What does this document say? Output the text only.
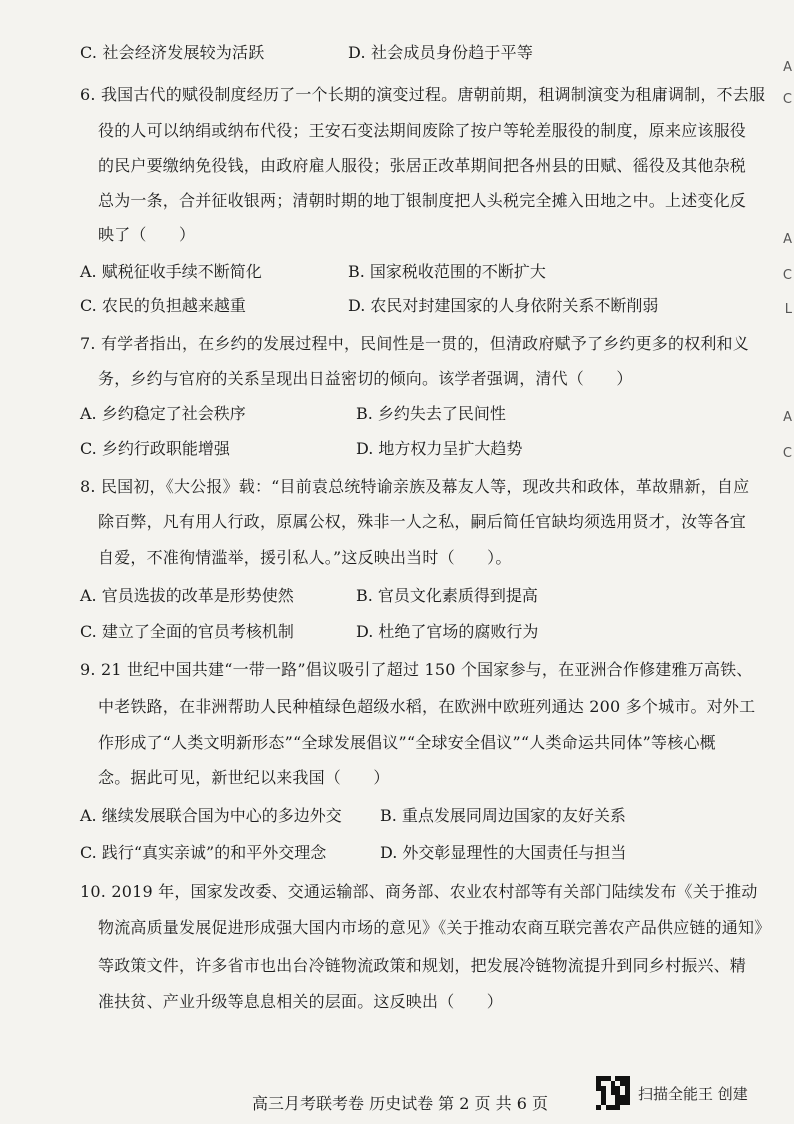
C. 社会经济发展较为活跃	D. 社会成员身份趋于平等
6. 我国古代的赋役制度经历了一个长期的演变过程。唐朝前期，租调制演变为租庸调制，不去服
役的人可以纳绢或纳布代役；王安石变法期间废除了按户等轮差服役的制度，原来应该服役
的民户要缴纳免役钱，由政府雇人服役；张居正改革期间把各州县的田赋、徭役及其他杂税
总为一条，合并征收银两；清朝时期的地丁银制度把人头税完全摊入田地之中。上述变化反
映了（　　）
A. 赋税征收手续不断简化	B. 国家税收范围的不断扩大
C. 农民的负担越来越重	D. 农民对封建国家的人身依附关系不断削弱
7. 有学者指出，在乡约的发展过程中，民间性是一贯的，但清政府赋予了乡约更多的权利和义
务，乡约与官府的关系呈现出日益密切的倾向。该学者强调，清代（　　）
A. 乡约稳定了社会秩序	B. 乡约失去了民间性
C. 乡约行政职能增强	D. 地方权力呈扩大趋势
8. 民国初，《大公报》载：“目前袁总统特谕亲族及幕友人等，现改共和政体，革故鼎新，自应
除百弊，凡有用人行政，原属公权，殊非一人之私，嗣后简任官缺均须选用贤才，汝等各宜
自爱，不准徇情滥举，援引私人。”这反映出当时（　　）。
A. 官员选拔的改革是形势使然	B. 官员文化素质得到提高
C. 建立了全面的官员考核机制	D. 杜绝了官场的腐败行为
9. 21 世纪中国共建“一带一路”倡议吸引了超过 150 个国家参与，在亚洲合作修建雅万高铁、
中老铁路，在非洲帮助人民种植绿色超级水稻，在欧洲中欧班列通达 200 多个城市。对外工
作形成了“人类文明新形态”“全球发展倡议”“全球安全倡议”“人类命运共同体”等核心概
念。据此可见，新世纪以来我国（　　）
A. 继续发展联合国为中心的多边外交 B. 重点发展同周边国家的友好关系
C. 践行“真实亲诚”的和平外交理念	D. 外交彰显理性的大国责任与担当
10. 2019 年，国家发改委、交通运输部、商务部、农业农村部等有关部门陆续发布《关于推动
物流高质量发展促进形成强大国内市场的意见》《关于推动农商互联完善农产品供应链的通知》
等政策文件，许多省市也出台冷链物流政策和规划，把发展冷链物流提升到同乡村振兴、精
准扶贫、产业升级等息息相关的层面。这反映出（　　）
高三月考联考卷 历史试卷 第 2 页 共 6 页
A
C
A
C
L
A
C
扫描全能王 创建
